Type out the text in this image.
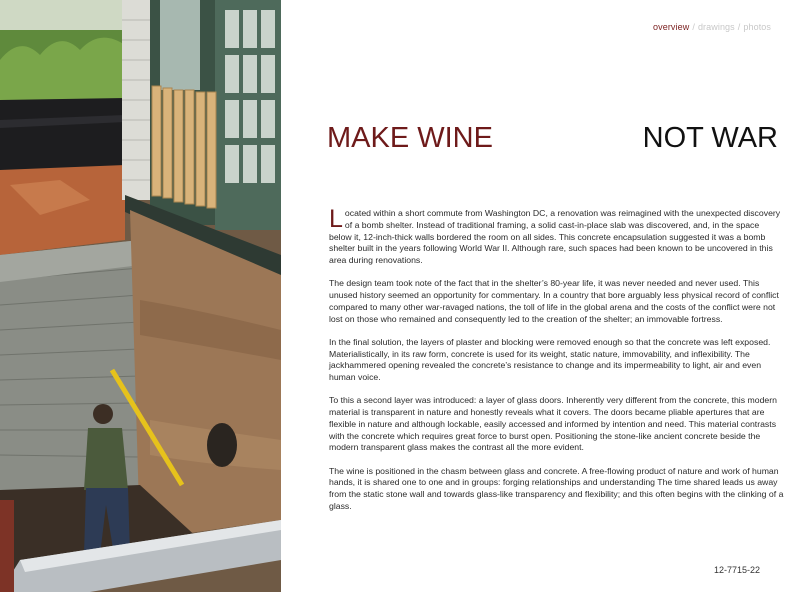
overview / drawings / photos
MAKE WINE	NOT WAR

Located within a short commute from Washington DC, a renovation was reimagined with the unexpected discovery of a bomb shelter. Instead of traditional framing, a solid cast-in-place slab was discovered, and, in the space below it, 12-inch-thick walls bordered the room on all sides. This concrete encapsulation suggested it was a bomb shelter built in the years following World War II. Although rare, such spaces had been known to be uncovered in this area during renovations.

The design team took note of the fact that in the shelter’s 80-year life, it was never needed and never used. This unused history seemed an opportunity for commentary. In a country that bore arguably less physical record of conflict compared to many other war-ravaged nations, the toll of life in the global arena and the costs of the conflict were not lost on those who remained and consequently led to the creation of the shelter; an immovable fortress.

In the final solution, the layers of plaster and blocking were removed enough so that the concrete was left exposed. Materialistically, in its raw form, concrete is used for its weight, static nature, immovability, and inflexibility. The jackhammered opening revealed the concrete’s resistance to change and its impermeability to light, air and even human voice.

To this a second layer was introduced: a layer of glass doors. Inherently very different from the concrete, this modern material is transparent in nature and honestly reveals what it covers. The doors became pliable apertures that are flexible in nature and although lockable, easily accessed and informed by intention and need. This material contrasts with the concrete which requires great force to burst open. Positioning the stone-like ancient concrete beside the modern transparent glass makes the contrast all the more evident.

The wine is positioned in the chasm between glass and concrete. A free-flowing product of nature and work of human hands, it is shared one to one and in groups: forging relationships and understanding The time shared leads us away from the static stone wall and towards glass-like transparency and flexibility; and this often begins with the clinking of a glass.

12-7715-22
